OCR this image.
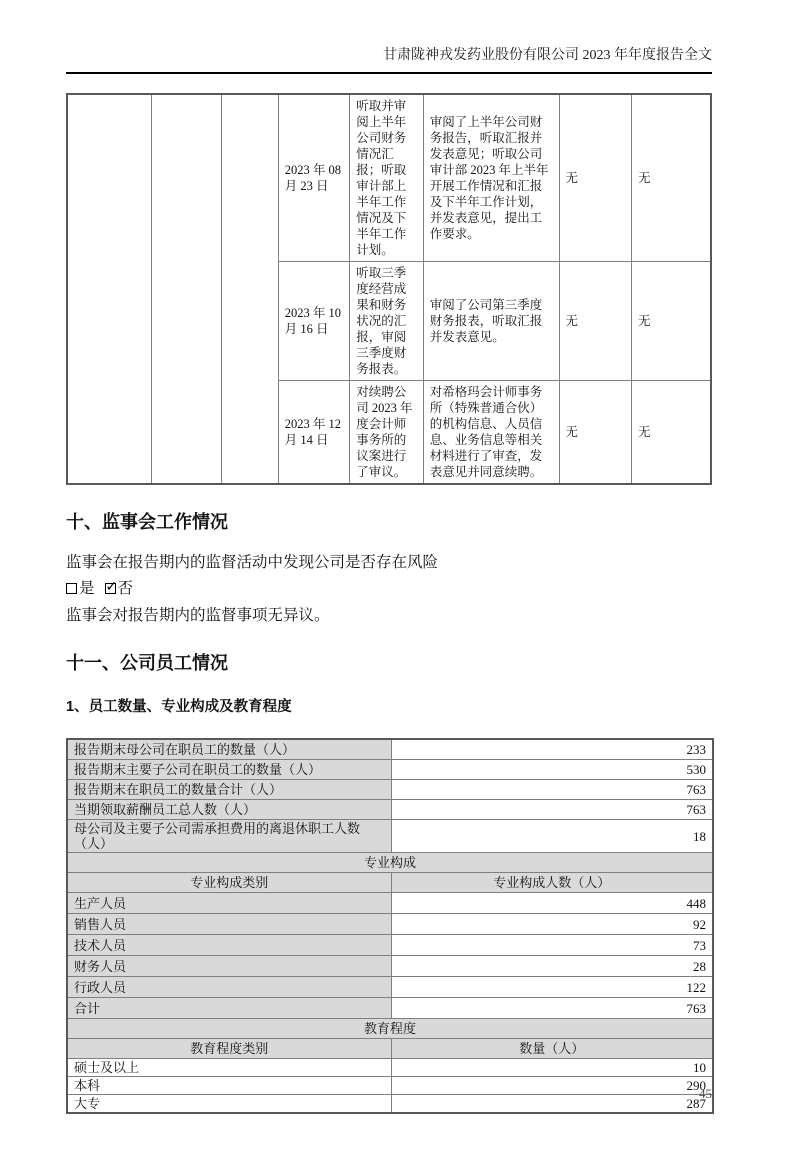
甘肃陇神戎发药业股份有限公司 2023 年年度报告全文
			2023 年 08 月 23 日	听取并审阅上半年公司财务情况汇报；听取审计部上半年工作情况及下半年工作计划。	审阅了上半年公司财务报告，听取汇报并发表意见；听取公司审计部 2023 年上半年开展工作情况和汇报及下半年工作计划，并发表意见，提出工作要求。	无	无
			2023 年 10 月 16 日	听取三季度经营成果和财务状况的汇报，审阅三季度财务报表。	审阅了公司第三季度财务报表，听取汇报并发表意见。	无	无
			2023 年 12 月 14 日	对续聘公司 2023 年度会计师事务所的议案进行了审议。	对希格玛会计师事务所（特殊普通合伙）的机构信息、人员信息、业务信息等相关材料进行了审查，发表意见并同意续聘。	无	无
十、监事会工作情况

监事会在报告期内的监督活动中发现公司是否存在风险

是 ✓ 否

监事会对报告期内的监督事项无异议。

十一、公司员工情况
1、员工数量、专业构成及教育程度
报告期末母公司在职员工的数量（人）	233
报告期末主要子公司在职员工的数量（人）	530
报告期末在职员工的数量合计（人）	763
当期领取薪酬员工总人数（人）	763
母公司及主要子公司需承担费用的离退休职工人数（人）	18
专业构成	
专业构成类别	专业构成人数（人）
生产人员	448
销售人员	92
技术人员	73
财务人员	28
行政人员	122
合计	763
教育程度	
教育程度类别	数量（人）
硕士及以上	10
本科	290
大专	287
45
